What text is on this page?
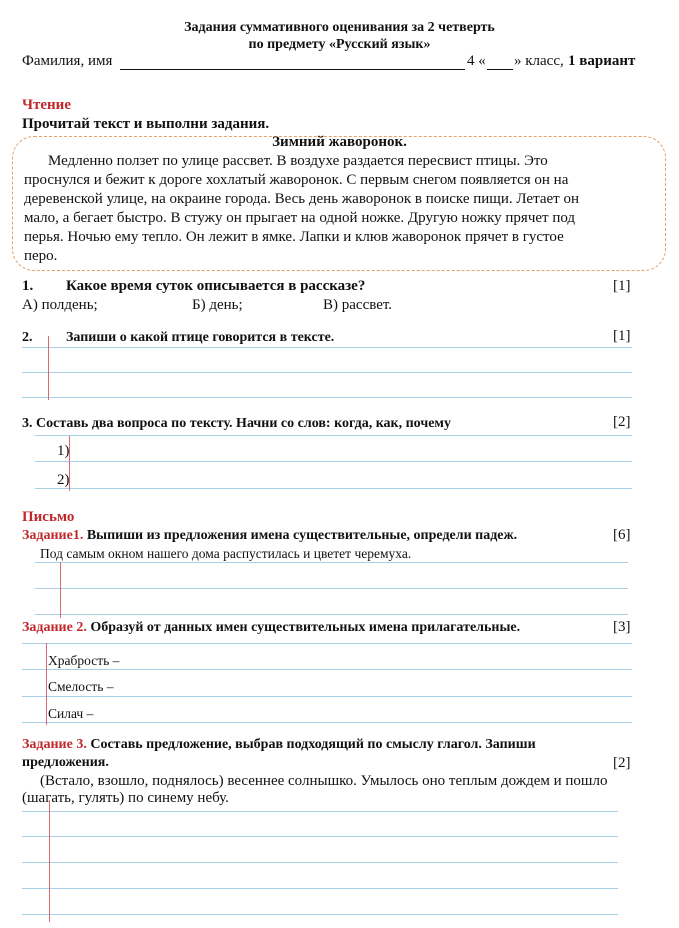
Задания суммативного оценивания за 2 четверть
по предмету «Русский язык»
Фамилия, имя	4 « » класс, 1 вариант
Чтение
Прочитай текст и выполни задания.
Зимний жаворонок.
Медленно ползет по улице рассвет. В воздухе раздается пересвист птицы. Это
проснулся и бежит к дороге хохлатый жаворонок. С первым снегом появляется он на
деревенской улице, на окраине города. Весь день жаворонок в поиске пищи. Летает он
мало, а бегает быстро. В стужу он прыгает на одной ножке. Другую ножку прячет под
перья. Ночью ему тепло. Он лежит в ямке. Лапки и клюв жаворонок прячет в густое
перо.
1. Какое время суток описывается в рассказе?	[1]
А) полдень;	Б) день;	В) рассвет.
2. Запиши о какой птице говорится в тексте.	[1]
3. Составь два вопроса по тексту. Начни со слов: когда, как, почему	[2]
1)
2)
Письмо
Задание1. Выпиши из предложения имена существительные, определи падеж.	[6]
Под самым окном нашего дома распустилась и цветет черемуха.
Задание 2. Образуй от данных имен существительных имена прилагательные.	[3]
Храбрость –
Смелость –
Силач –
Задание 3. Составь предложение, выбрав подходящий по смыслу глагол. Запиши
предложения.	[2]
(Встало, взошло, поднялось) весеннее солнышко. Умылось оно теплым дождем и пошло
(шагать, гулять) по синему небу.
